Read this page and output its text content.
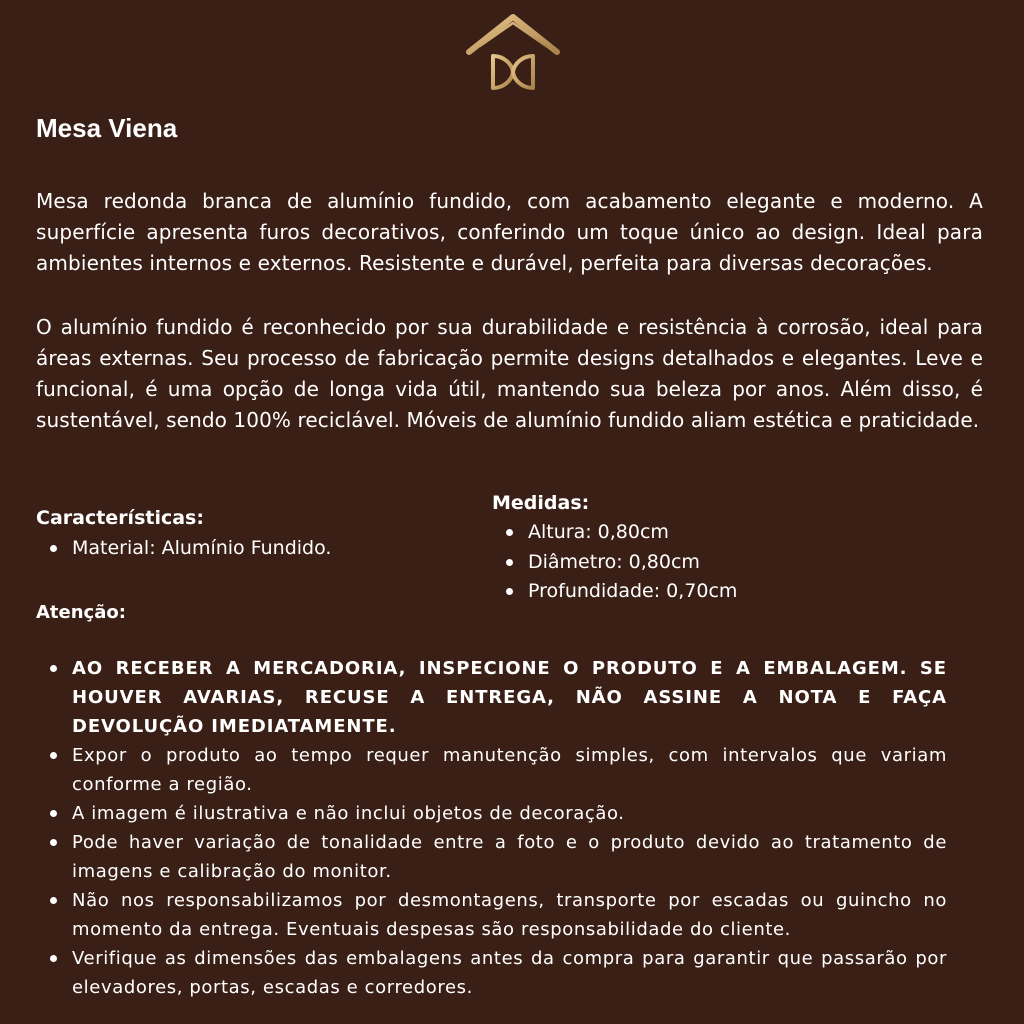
Mesa Viena

Mesa redonda branca de alumínio fundido, com acabamento elegante e moderno. A superfície apresenta furos decorativos, conferindo um toque único ao design. Ideal para ambientes internos e externos. Resistente e durável, perfeita para diversas decorações.

O alumínio fundido é reconhecido por sua durabilidade e resistência à corrosão, ideal para áreas externas. Seu processo de fabricação permite designs detalhados e elegantes. Leve e funcional, é uma opção de longa vida útil, mantendo sua beleza por anos. Além disso, é sustentável, sendo 100% reciclável. Móveis de alumínio fundido aliam estética e praticidade.

Características:
Material: Alumínio Fundido.
Medidas:
Altura: 0,80cm
Diâmetro: 0,80cm
Profundidade: 0,70cm
Atenção:
AO RECEBER A MERCADORIA, INSPECIONE O PRODUTO E A EMBALAGEM. SE HOUVER AVARIAS, RECUSE A ENTREGA, NÃO ASSINE A NOTA E FAÇA DEVOLUÇÃO IMEDIATAMENTE.
Expor o produto ao tempo requer manutenção simples, com intervalos que variam conforme a região.
A imagem é ilustrativa e não inclui objetos de decoração.
Pode haver variação de tonalidade entre a foto e o produto devido ao tratamento de imagens e calibração do monitor.
Não nos responsabilizamos por desmontagens, transporte por escadas ou guincho no momento da entrega. Eventuais despesas são responsabilidade do cliente.
Verifique as dimensões das embalagens antes da compra para garantir que passarão por elevadores, portas, escadas e corredores.
